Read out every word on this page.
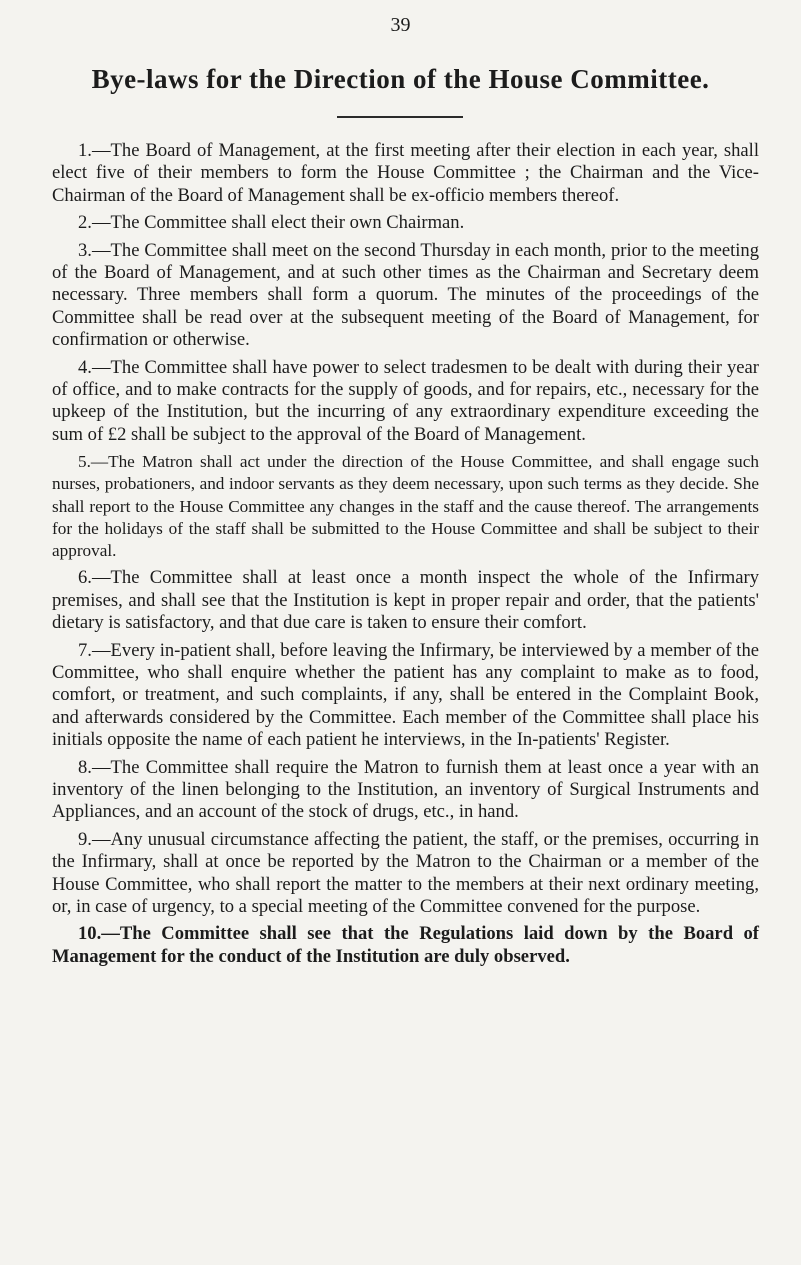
39
Bye-laws for the Direction of the House Committee.

1.—The Board of Management, at the first meeting after their election in each year, shall elect five of their members to form the House Committee ; the Chairman and the Vice-Chairman of the Board of Management shall be ex-officio members thereof.

2.—The Committee shall elect their own Chairman.

3.—The Committee shall meet on the second Thursday in each month, prior to the meeting of the Board of Management, and at such other times as the Chairman and Secretary deem necessary. Three members shall form a quorum. The minutes of the proceedings of the Committee shall be read over at the subsequent meeting of the Board of Management, for confirmation or otherwise.

4.—The Committee shall have power to select tradesmen to be dealt with during their year of office, and to make contracts for the supply of goods, and for repairs, etc., necessary for the upkeep of the Institution, but the incurring of any extraordinary expenditure exceeding the sum of £2 shall be subject to the approval of the Board of Management.

5.—The Matron shall act under the direction of the House Committee, and shall engage such nurses, probationers, and indoor servants as they deem necessary, upon such terms as they decide. She shall report to the House Committee any changes in the staff and the cause thereof. The arrangements for the holidays of the staff shall be submitted to the House Committee and shall be subject to their approval.

6.—The Committee shall at least once a month inspect the whole of the Infirmary premises, and shall see that the Institution is kept in proper repair and order, that the patients' dietary is satisfactory, and that due care is taken to ensure their comfort.

7.—Every in-patient shall, before leaving the Infirmary, be interviewed by a member of the Committee, who shall enquire whether the patient has any complaint to make as to food, comfort, or treatment, and such complaints, if any, shall be entered in the Complaint Book, and afterwards considered by the Committee. Each member of the Committee shall place his initials opposite the name of each patient he interviews, in the In-patients' Register.

8.—The Committee shall require the Matron to furnish them at least once a year with an inventory of the linen belonging to the Institution, an inventory of Surgical Instruments and Appliances, and an account of the stock of drugs, etc., in hand.

9.—Any unusual circumstance affecting the patient, the staff, or the premises, occurring in the Infirmary, shall at once be reported by the Matron to the Chairman or a member of the House Committee, who shall report the matter to the members at their next ordinary meeting, or, in case of urgency, to a special meeting of the Committee convened for the purpose.

10.—The Committee shall see that the Regulations laid down by the Board of Management for the conduct of the Institution are duly observed.
